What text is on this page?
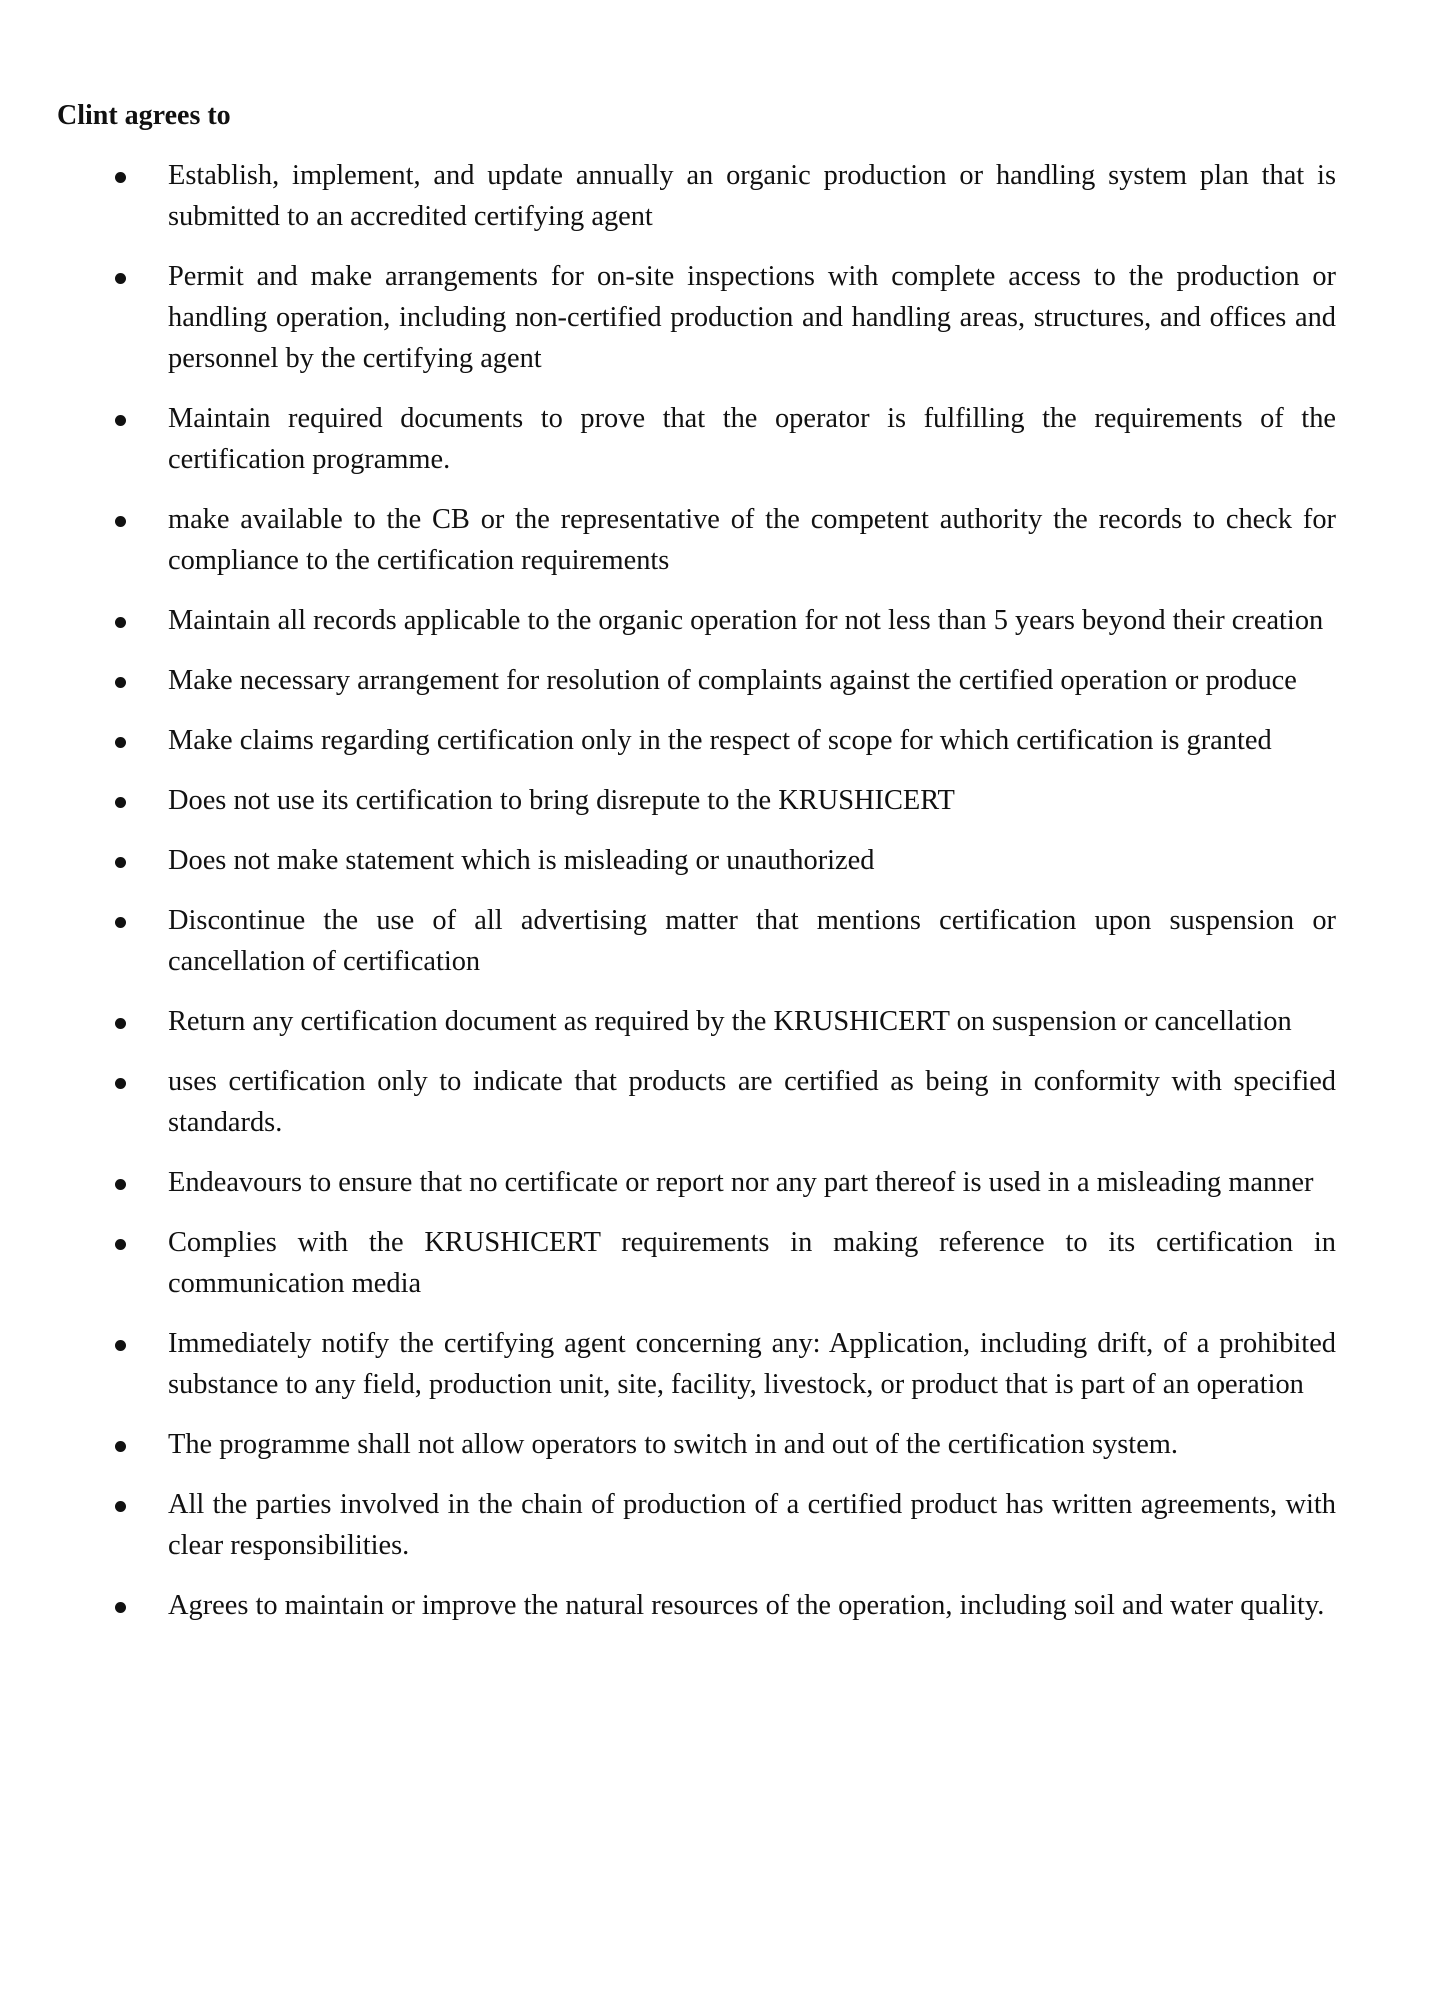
Clint agrees to
Establish, implement, and update annually an organic production or handling system plan that is submitted to an accredited certifying agent
Permit and make arrangements for on-site inspections with complete access to the production or handling operation, including non-certified production and handling areas, structures, and offices and personnel by the certifying agent
Maintain required documents to prove that the operator is fulfilling the requirements of the certification programme.
make available to the CB or the representative of the competent authority the records to check for compliance to the certification requirements
Maintain all records applicable to the organic operation for not less than 5 years beyond their creation
Make necessary arrangement for resolution of complaints against the certified operation or produce
Make claims regarding certification only in the respect of scope for which certification is granted
Does not use its certification to bring disrepute to the KRUSHICERT
Does not make statement which is misleading or unauthorized
Discontinue the use of all advertising matter that mentions certification upon suspension or cancellation of certification
Return any certification document as required by the KRUSHICERT on suspension or cancellation
uses certification only to indicate that products are certified as being in conformity with specified standards.
Endeavours to ensure that no certificate or report nor any part thereof is used in a misleading manner
Complies with the KRUSHICERT requirements in making reference to its certification in communication media
Immediately notify the certifying agent concerning any: Application, including drift, of a prohibited substance to any field, production unit, site, facility, livestock, or product that is part of an operation
The programme shall not allow operators to switch in and out of the certification system.
All the parties involved in the chain of production of a certified product has written agreements, with clear responsibilities.
Agrees to maintain or improve the natural resources of the operation, including soil and water quality.
